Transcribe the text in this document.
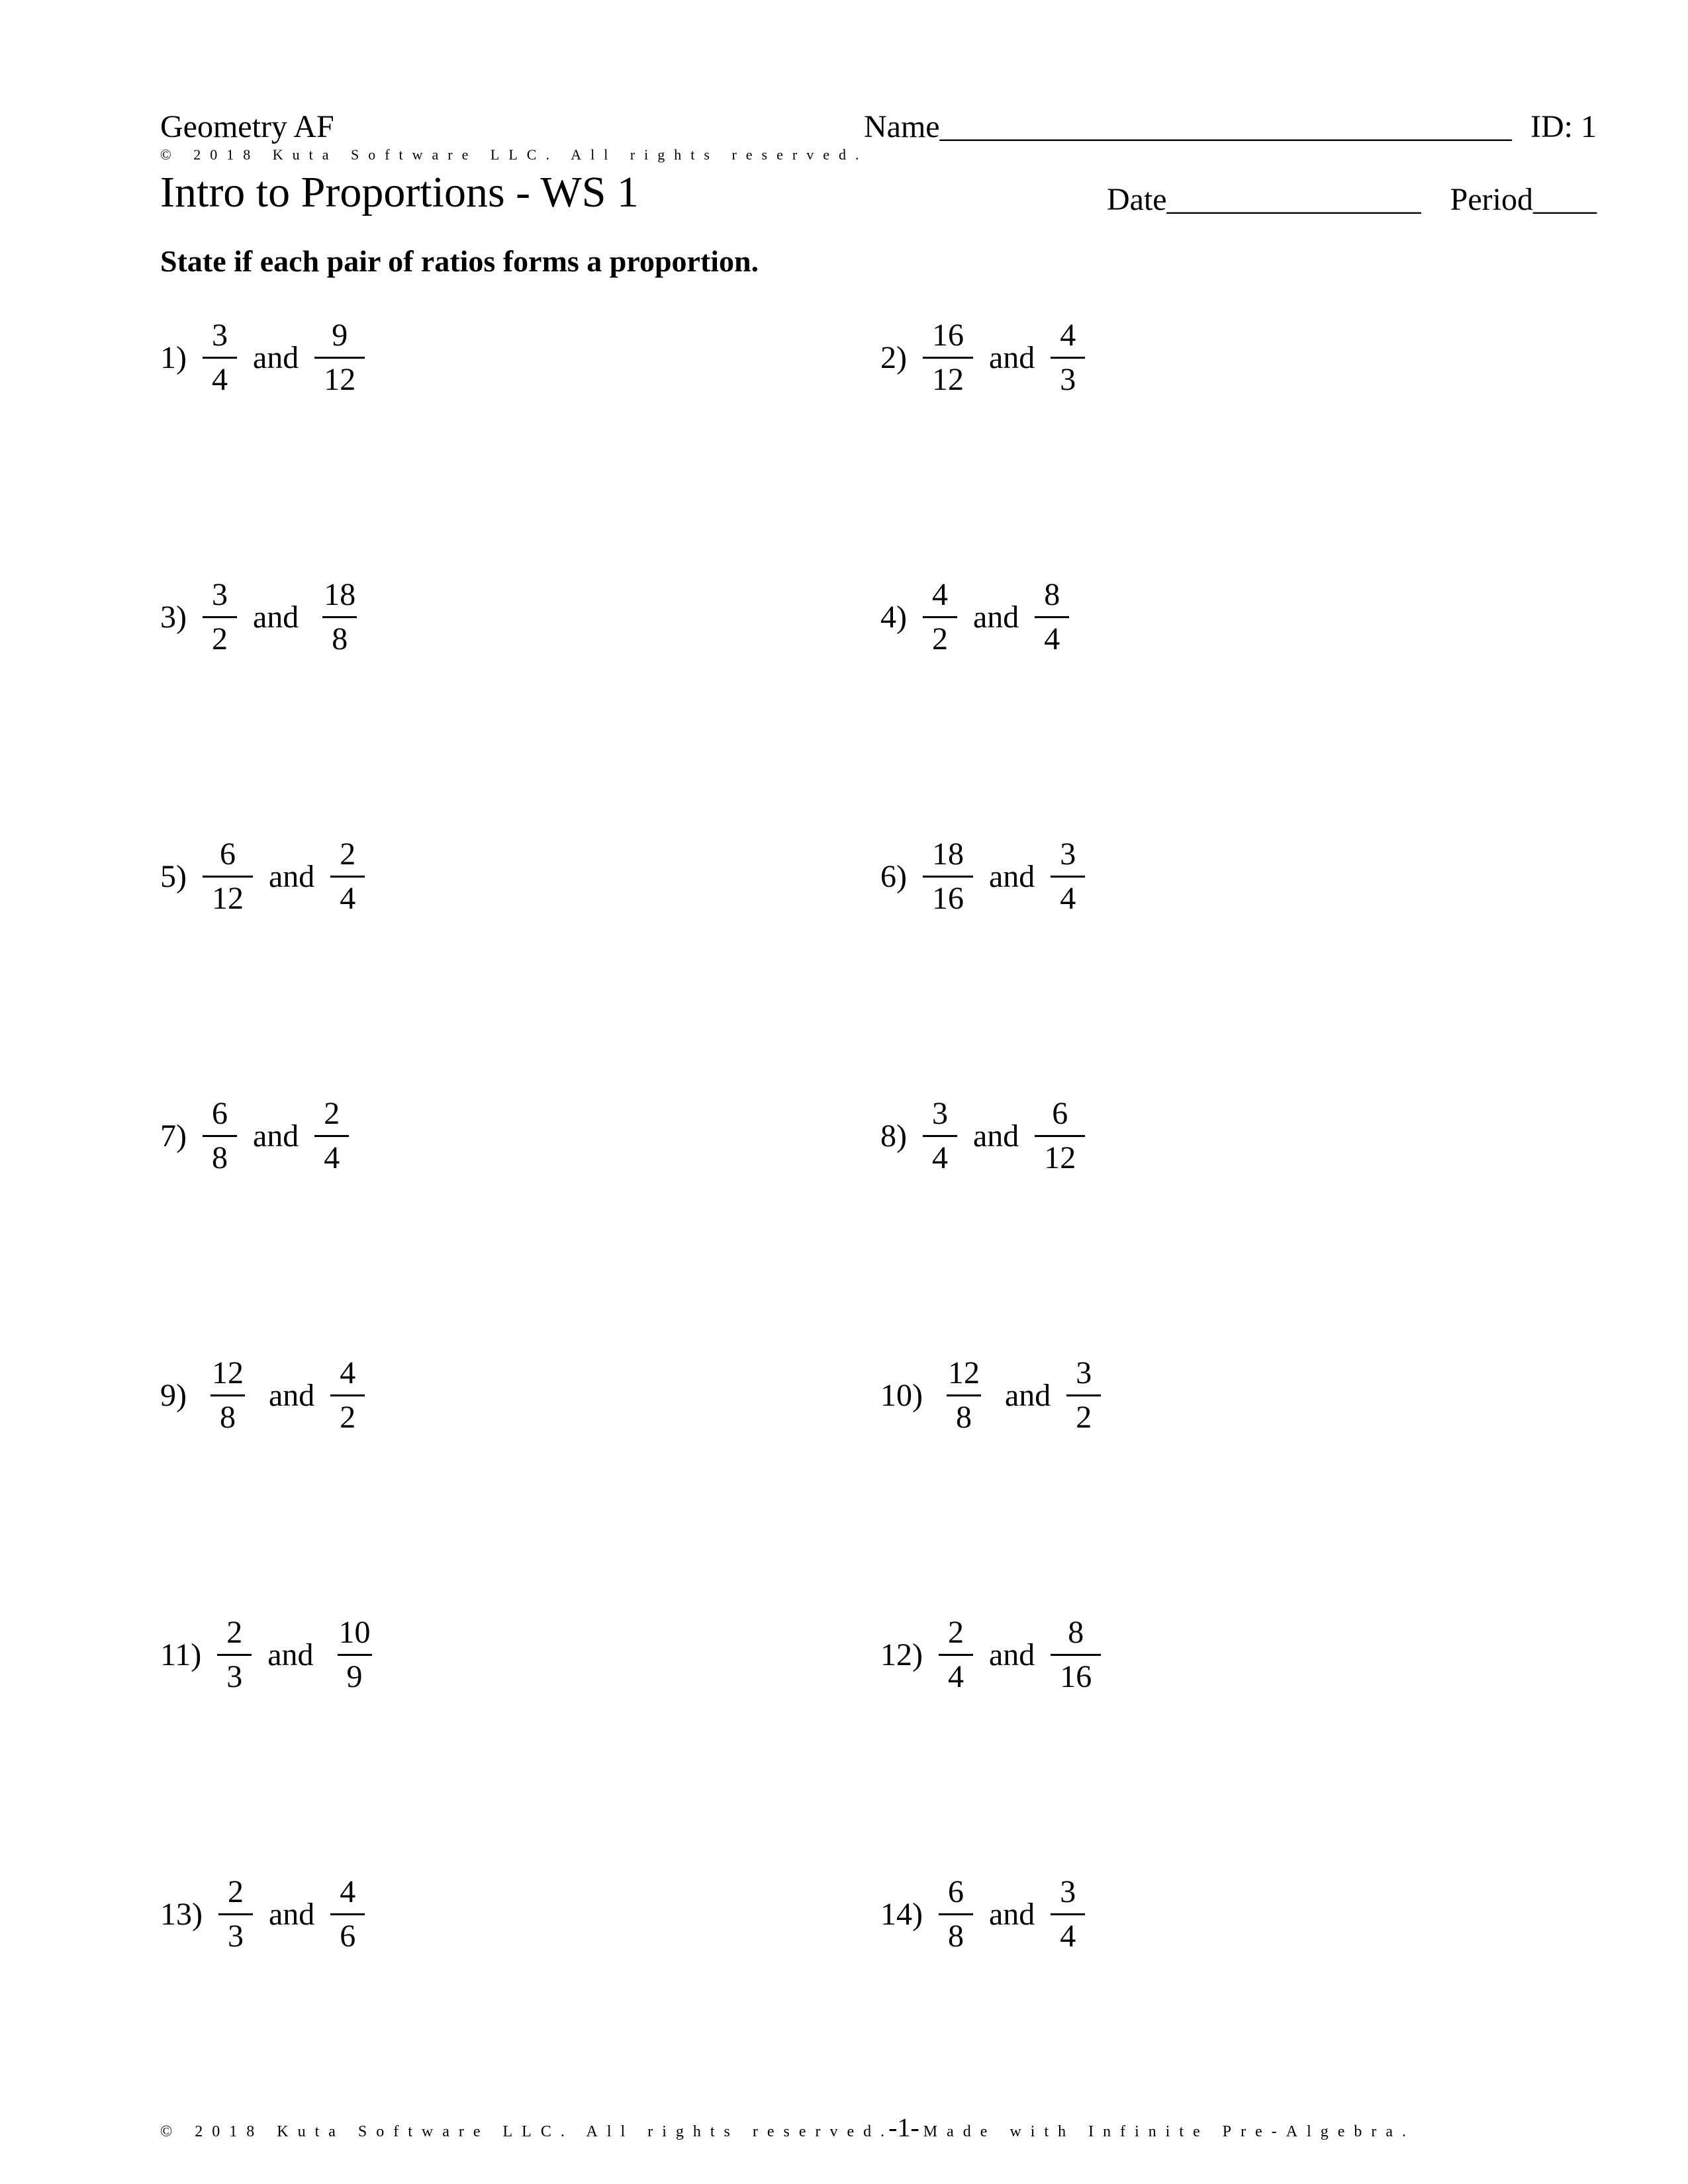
Geometry AF	Name____________________________________ ID: 1
© 2018 Kuta Software LLC. All rights reserved.
Intro to Proportions - WS 1	Date________________ Period____
State if each pair of ratios forms a proportion.
$1) \frac{3}{4}$ and $\frac{9}{12}$	$2) \frac{16}{12}$ and $\frac{4}{3}$
$3) \frac{3}{2}$ and $\frac{18}{8}$	$4) \frac{4}{2}$ and $\frac{8}{4}$
$5) \frac{6}{12}$ and $\frac{2}{4}$	$6) \frac{18}{16}$ and $\frac{3}{4}$
$7) \frac{6}{8}$ and $\frac{2}{4}$	$8) \frac{3}{4}$ and $\frac{6}{12}$
$9) \frac{12}{8}$ and $\frac{4}{2}$	$10) \frac{12}{8}$ and $\frac{3}{2}$
$11) \frac{2}{3}$ and $\frac{10}{9}$	$12) \frac{2}{4}$ and $\frac{8}{16}$
$13) \frac{2}{3}$ and $\frac{4}{6}$	$14) \frac{6}{8}$ and $\frac{3}{4}$
© 2018 Kuta Software LLC. All rights reserved.
-1- Made with Infinite Pre-Algebra.
